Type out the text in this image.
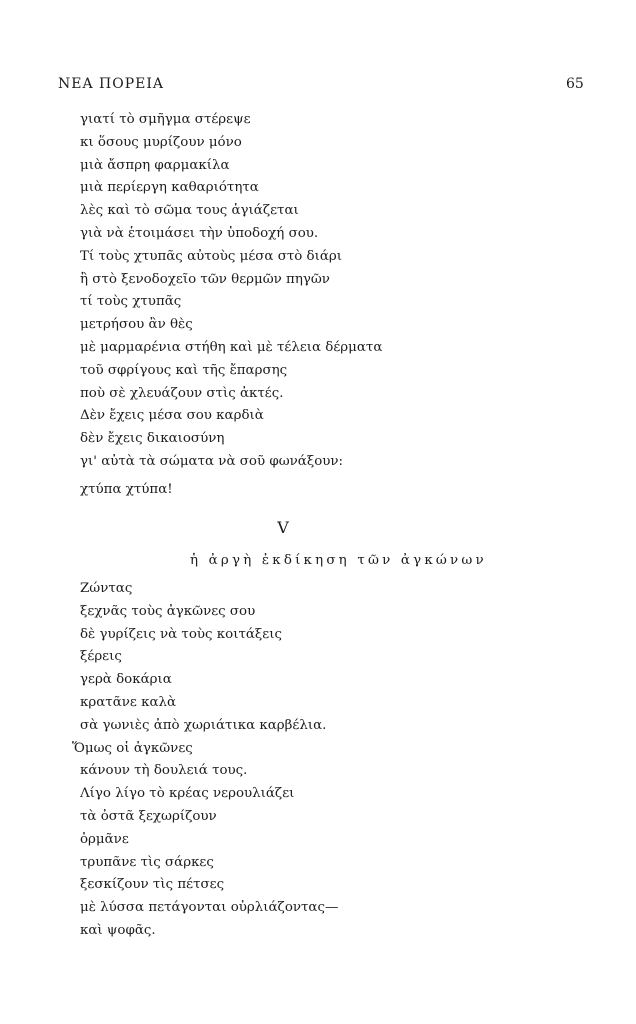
ΝΕΑ ΠΟΡΕΙΑ	65
γιατί τὸ σμῆγμα στέρεψε
κι ὅσους μυρίζουν μόνο
μιὰ ἄσπρη φαρμακίλα
μιὰ περίεργη καθαριότητα
λὲς καὶ τὸ σῶμα τους ἁγιάζεται
γιὰ νὰ ἑτοιμάσει τὴν ὑποδοχή σου.
Τί τοὺς χτυπᾶς αὐτοὺς μέσα στὸ διάρι
ἢ στὸ ξενοδοχεῖο τῶν θερμῶν πηγῶν
τί τοὺς χτυπᾶς
μετρήσου ἂν θὲς
μὲ μαρμαρένια στήθη καὶ μὲ τέλεια δέρματα
τοῦ σφρίγους καὶ τῆς ἔπαρσης
ποὺ σὲ χλευάζουν στὶς ἀκτές.
Δὲν ἔχεις μέσα σου καρδιὰ
δὲν ἔχεις δικαιοσύνη
γι' αὐτὰ τὰ σώματα νὰ σοῦ φωνάξουν:
χτύπα χτύπα!
V
ἡ ἀργὴ ἐκδίκηση τῶν ἀγκώνων
Ζώντας
ξεχνᾶς τοὺς ἀγκῶνες σου
δὲ γυρίζεις νὰ τοὺς κοιτάξεις
ξέρεις
γερὰ δοκάρια
κρατᾶνε καλὰ
σὰ γωνιὲς ἀπὸ χωριάτικα καρβέλια.
Ὅμως οἱ ἀγκῶνες
κάνουν τὴ δουλειά τους.
Λίγο λίγο τὸ κρέας νερουλιάζει
τὰ ὀστᾶ ξεχωρίζουν
ὁρμᾶνε
τρυπᾶνε τὶς σάρκες
ξεσκίζουν τὶς πέτσες
μὲ λύσσα πετάγονται οὐρλιάζοντας—
καὶ ψοφᾶς.
